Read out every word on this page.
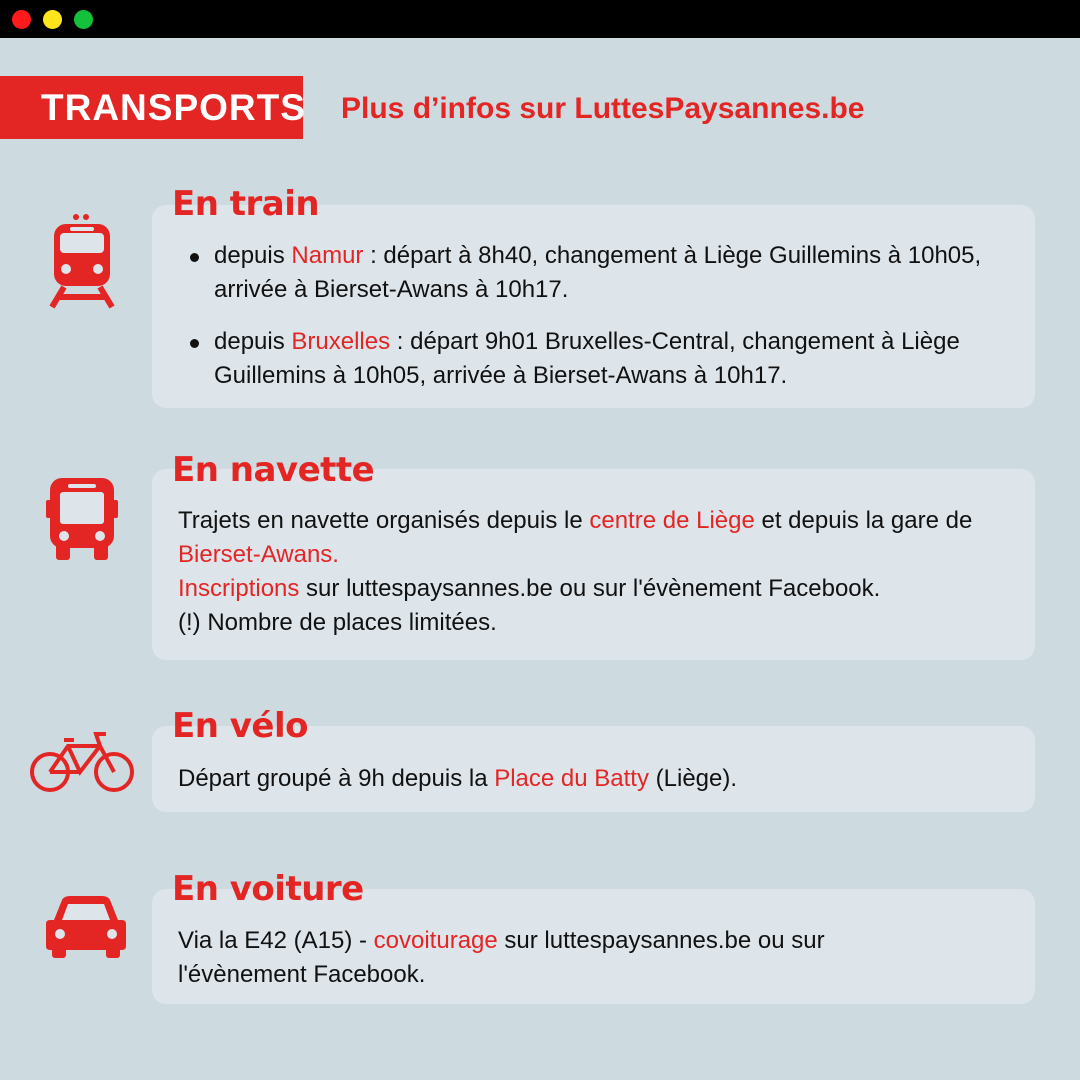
TRANSPORTS Plus d’infos sur LuttesPaysannes.be
En train
depuis Namur : départ à 8h40, changement à Liège Guillemins à 10h05, arrivée à Bierset-Awans à 10h17.
depuis Bruxelles : départ 9h01 Bruxelles-Central, changement à Liège Guillemins à 10h05, arrivée à Bierset-Awans à 10h17.
En navette
Trajets en navette organisés depuis le centre de Liège et depuis la gare de Bierset-Awans.
Inscriptions sur luttespaysannes.be ou sur l'évènement Facebook.
(!) Nombre de places limitées.
En vélo
Départ groupé à 9h depuis la Place du Batty (Liège).
En voiture
Via la E42 (A15) - covoiturage sur luttespaysannes.be ou sur l'évènement Facebook.
